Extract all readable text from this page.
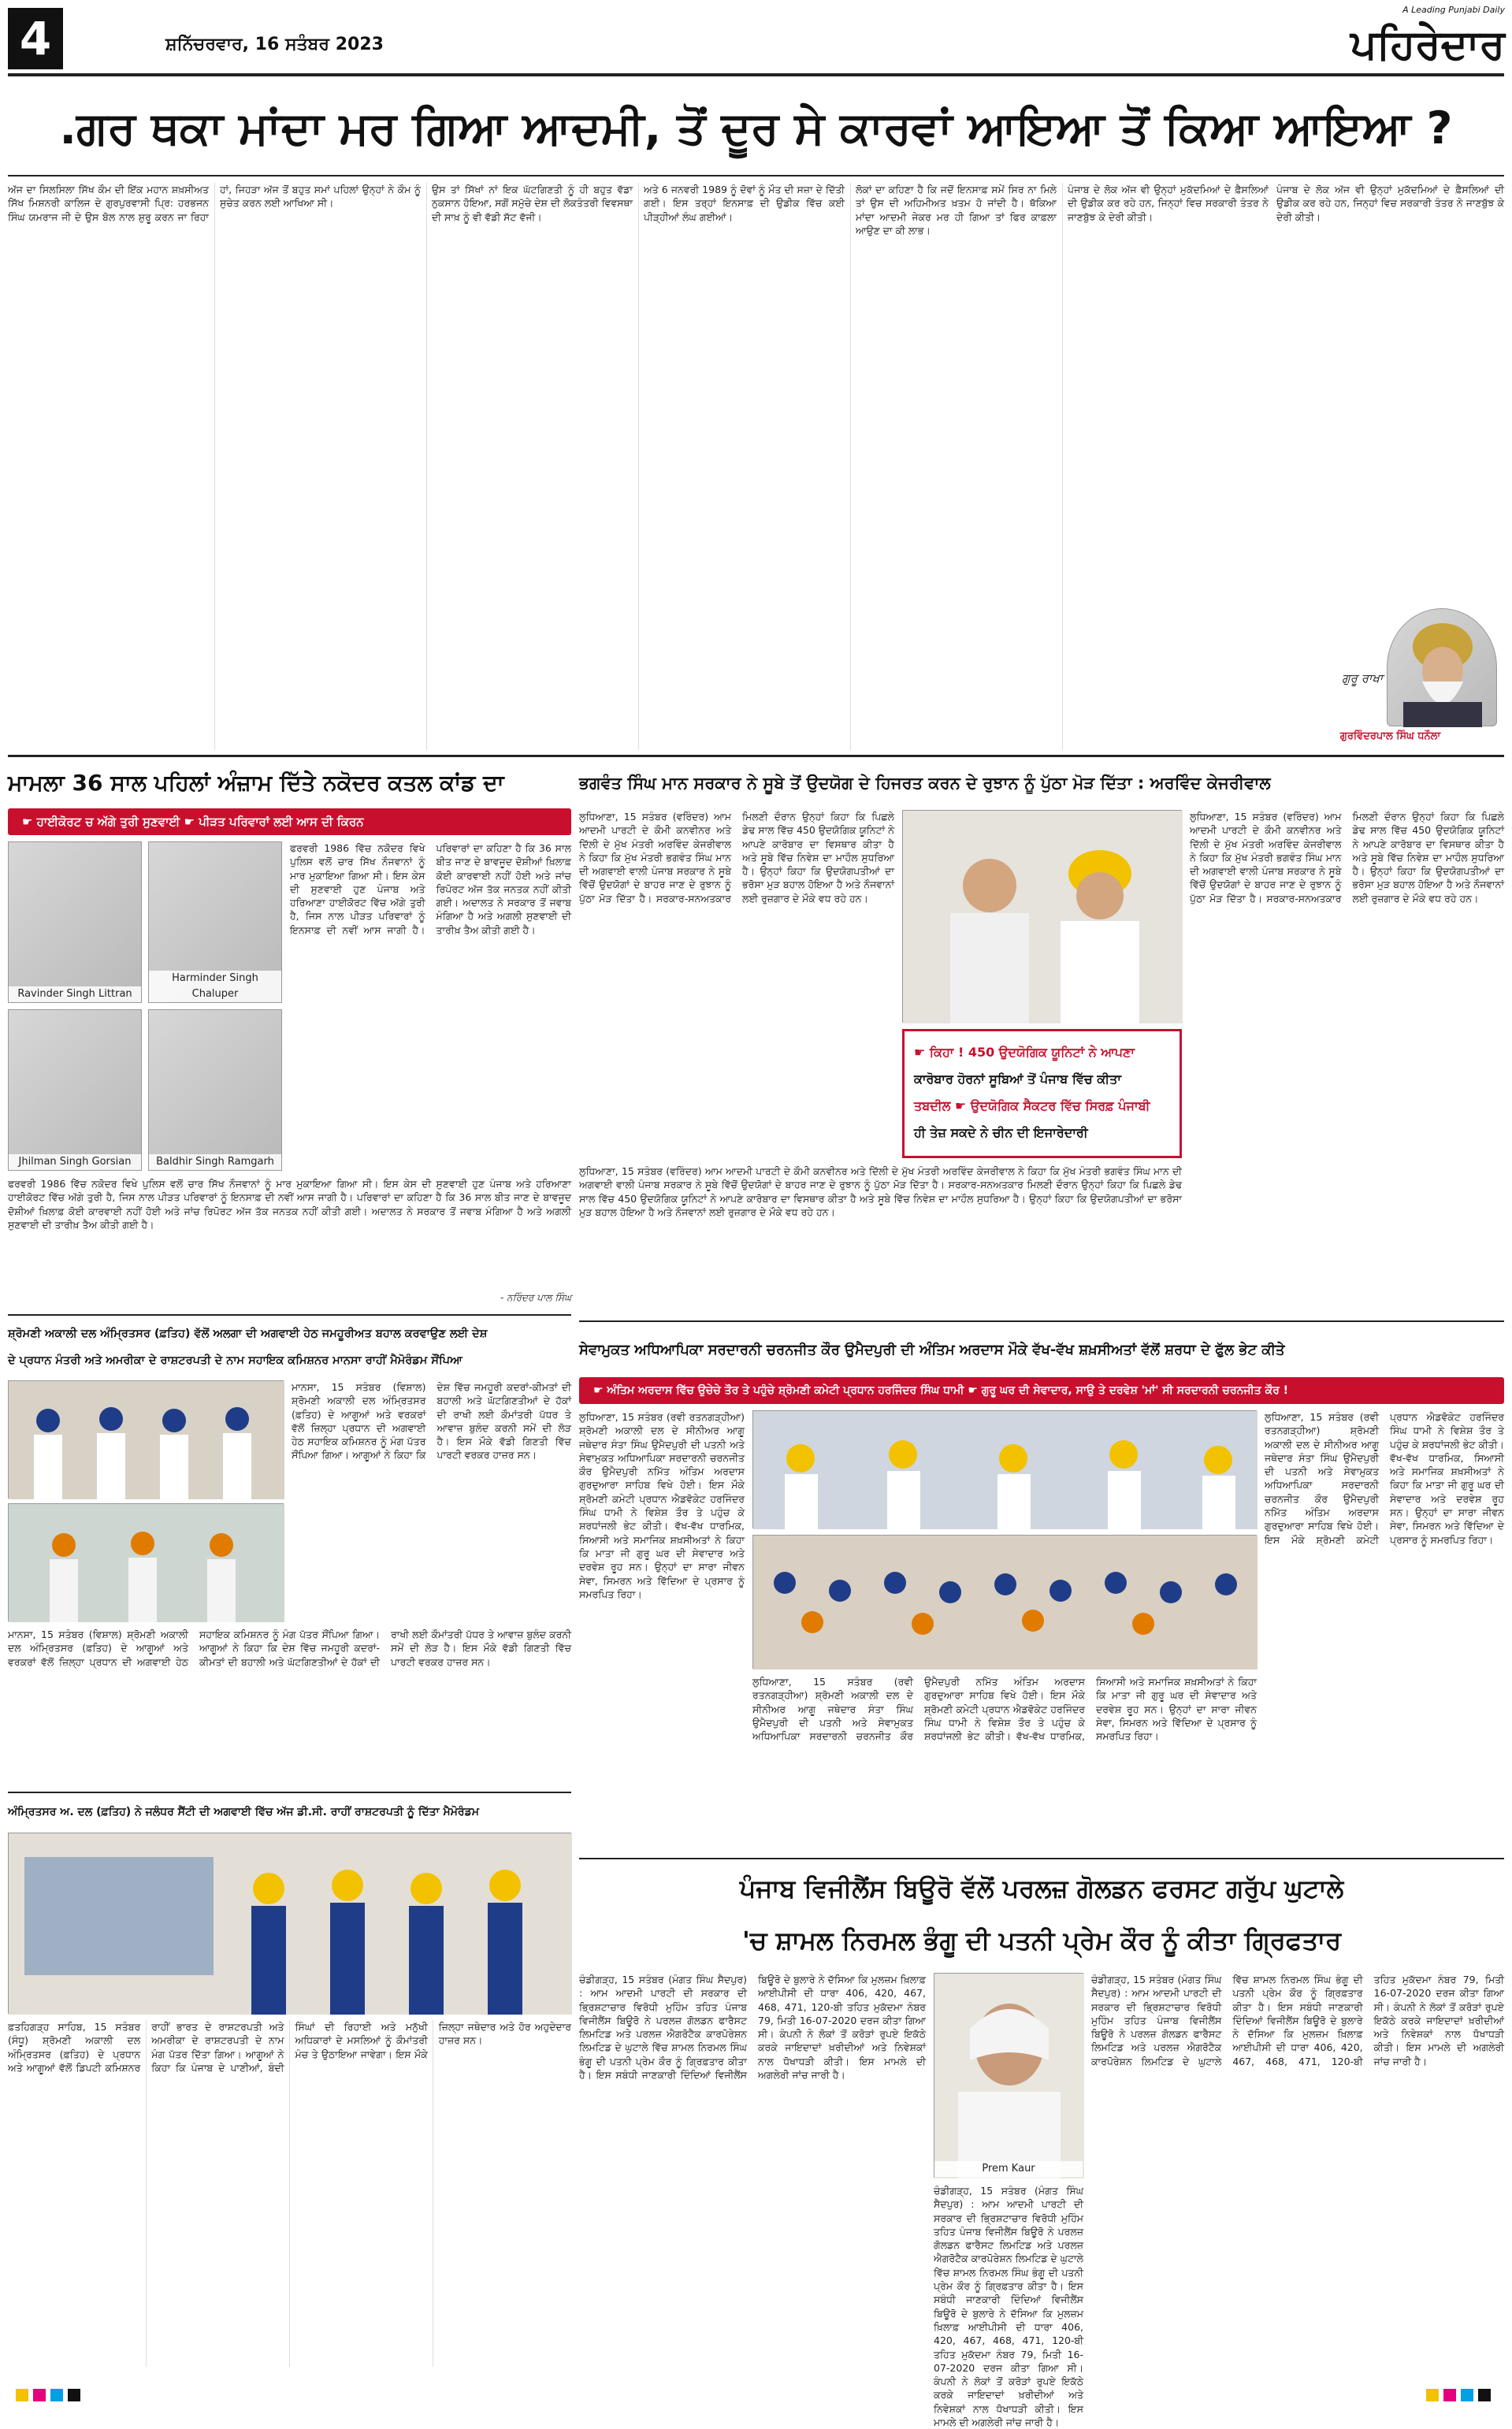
4	ਸ਼ਨਿੱਚਰਵਾਰ, 16 ਸਤੰਬਰ 2023
A Leading Punjabi Daily
ਪਹਿਰੇਦਾਰ
.ਗਰ ਥਕਾ ਮਾਂਦਾ ਮਰ ਗਿਆ ਆਦਮੀ, ਤੋਂ ਦੂਰ ਸੇ ਕਾਰਵਾਂ ਆਇਆ ਤੋਂ ਕਿਆ ਆਇਆ ?

ਅੱਜ ਦਾ ਸਿਲਸਿਲਾ ਸਿੱਖ ਕੌਮ ਦੀ ਇੱਕ ਮਹਾਨ ਸ਼ਖ਼ਸੀਅਤ ਸਿੱਖ ਮਿਸ਼ਨਰੀ ਕਾਲਿਜ ਦੇ ਗੁਰਪੁਰਵਾਸੀ ਪ੍ਰਿ: ਹਰਭਜਨ ਸਿੰਘ ਯਮਰਾਜ ਜੀ ਦੇ ਉਸ ਬੋਲ ਨਾਲ ਸ਼ੁਰੂ ਕਰਨ ਜਾ ਰਿਹਾ ਹਾਂ, ਜਿਹੜਾ ਅੱਜ ਤੋਂ ਬਹੁਤ ਸਮਾਂ ਪਹਿਲਾਂ ਉਨ੍ਹਾਂ ਨੇ ਕੌਮ ਨੂੰ ਸੁਚੇਤ ਕਰਨ ਲਈ ਆਖਿਆ ਸੀ।

ਉਸ ਤਾਂ ਸਿੱਖਾਂ ਨਾਂ ਇਕ ਘੱਟਗਿਣਤੀ ਨੂੰ ਹੀ ਬਹੁਤ ਵੱਡਾ ਨੁਕਸਾਨ ਹੋਇਆ, ਸਗੋਂ ਸਮੁੱਚੇ ਦੇਸ਼ ਦੀ ਲੋਕਤੰਤਰੀ ਵਿਵਸਥਾ ਦੀ ਸਾਖ਼ ਨੂੰ ਵੀ ਵੱਡੀ ਸੱਟ ਵੱਜੀ।

ਅਤੇ 6 ਜਨਵਰੀ 1989 ਨੂੰ ਦੋਵਾਂ ਨੂੰ ਮੌਤ ਦੀ ਸਜ਼ਾ ਦੇ ਦਿੱਤੀ ਗਈ। ਇਸ ਤਰ੍ਹਾਂ ਇਨਸਾਫ਼ ਦੀ ਉਡੀਕ ਵਿੱਚ ਕਈ ਪੀੜ੍ਹੀਆਂ ਲੰਘ ਗਈਆਂ।

ਲੋਕਾਂ ਦਾ ਕਹਿਣਾ ਹੈ ਕਿ ਜਦੋਂ ਇਨਸਾਫ਼ ਸਮੇਂ ਸਿਰ ਨਾ ਮਿਲੇ ਤਾਂ ਉਸ ਦੀ ਅਹਿਮੀਅਤ ਖ਼ਤਮ ਹੋ ਜਾਂਦੀ ਹੈ। ਥੱਕਿਆ ਮਾਂਦਾ ਆਦਮੀ ਜੇਕਰ ਮਰ ਹੀ ਗਿਆ ਤਾਂ ਫਿਰ ਕਾਫ਼ਲਾ ਆਉਣ ਦਾ ਕੀ ਲਾਭ।

ਪੰਜਾਬ ਦੇ ਲੋਕ ਅੱਜ ਵੀ ਉਨ੍ਹਾਂ ਮੁਕੱਦਮਿਆਂ ਦੇ ਫ਼ੈਸਲਿਆਂ ਦੀ ਉਡੀਕ ਕਰ ਰਹੇ ਹਨ, ਜਿਨ੍ਹਾਂ ਵਿਚ ਸਰਕਾਰੀ ਤੰਤਰ ਨੇ ਜਾਣਬੁੱਝ ਕੇ ਦੇਰੀ ਕੀਤੀ।

ਪੰਜਾਬ ਦੇ ਲੋਕ ਅੱਜ ਵੀ ਉਨ੍ਹਾਂ ਮੁਕੱਦਮਿਆਂ ਦੇ ਫ਼ੈਸਲਿਆਂ ਦੀ ਉਡੀਕ ਕਰ ਰਹੇ ਹਨ, ਜਿਨ੍ਹਾਂ ਵਿਚ ਸਰਕਾਰੀ ਤੰਤਰ ਨੇ ਜਾਣਬੁੱਝ ਕੇ ਦੇਰੀ ਕੀਤੀ।
ਗੁਰੂ ਰਾਖਾ
ਗੁਰਵਿੰਦਰਪਾਲ ਸਿੰਘ ਧਨੌਲਾ
ਮਾਮਲਾ 36 ਸਾਲ ਪਹਿਲਾਂ ਅੰਜ਼ਾਮ ਦਿੱਤੇ ਨਕੋਦਰ ਕਤਲ ਕਾਂਡ ਦਾ
☛ ਹਾਈਕੋਰਟ ਚ ਅੱਗੇ ਤੁਰੀ ਸੁਣਵਾਈ ☛ ਪੀੜਤ ਪਰਿਵਾਰਾਂ ਲਈ ਆਸ ਦੀ ਕਿਰਨ
Ravinder Singh Littran
Harminder Singh Chaluper
Jhilman Singh Gorsian	Baldhir Singh Ramgarh
ਫਰਵਰੀ 1986 ਵਿੱਚ ਨਕੋਦਰ ਵਿਖੇ ਪੁਲਿਸ ਵਲੋਂ ਚਾਰ ਸਿੱਖ ਨੌਜਵਾਨਾਂ ਨੂੰ ਮਾਰ ਮੁਕਾਇਆ ਗਿਆ ਸੀ। ਇਸ ਕੇਸ ਦੀ ਸੁਣਵਾਈ ਹੁਣ ਪੰਜਾਬ ਅਤੇ ਹਰਿਆਣਾ ਹਾਈਕੋਰਟ ਵਿੱਚ ਅੱਗੇ ਤੁਰੀ ਹੈ, ਜਿਸ ਨਾਲ ਪੀੜਤ ਪਰਿਵਾਰਾਂ ਨੂੰ ਇਨਸਾਫ਼ ਦੀ ਨਵੀਂ ਆਸ ਜਾਗੀ ਹੈ। ਪਰਿਵਾਰਾਂ ਦਾ ਕਹਿਣਾ ਹੈ ਕਿ 36 ਸਾਲ ਬੀਤ ਜਾਣ ਦੇ ਬਾਵਜੂਦ ਦੋਸ਼ੀਆਂ ਖ਼ਿਲਾਫ਼ ਕੋਈ ਕਾਰਵਾਈ ਨਹੀਂ ਹੋਈ ਅਤੇ ਜਾਂਚ ਰਿਪੋਰਟ ਅੱਜ ਤੱਕ ਜਨਤਕ ਨਹੀਂ ਕੀਤੀ ਗਈ। ਅਦਾਲਤ ਨੇ ਸਰਕਾਰ ਤੋਂ ਜਵਾਬ ਮੰਗਿਆ ਹੈ ਅਤੇ ਅਗਲੀ ਸੁਣਵਾਈ ਦੀ ਤਾਰੀਖ਼ ਤੈਅ ਕੀਤੀ ਗਈ ਹੈ।
ਫਰਵਰੀ 1986 ਵਿੱਚ ਨਕੋਦਰ ਵਿਖੇ ਪੁਲਿਸ ਵਲੋਂ ਚਾਰ ਸਿੱਖ ਨੌਜਵਾਨਾਂ ਨੂੰ ਮਾਰ ਮੁਕਾਇਆ ਗਿਆ ਸੀ। ਇਸ ਕੇਸ ਦੀ ਸੁਣਵਾਈ ਹੁਣ ਪੰਜਾਬ ਅਤੇ ਹਰਿਆਣਾ ਹਾਈਕੋਰਟ ਵਿੱਚ ਅੱਗੇ ਤੁਰੀ ਹੈ, ਜਿਸ ਨਾਲ ਪੀੜਤ ਪਰਿਵਾਰਾਂ ਨੂੰ ਇਨਸਾਫ਼ ਦੀ ਨਵੀਂ ਆਸ ਜਾਗੀ ਹੈ। ਪਰਿਵਾਰਾਂ ਦਾ ਕਹਿਣਾ ਹੈ ਕਿ 36 ਸਾਲ ਬੀਤ ਜਾਣ ਦੇ ਬਾਵਜੂਦ ਦੋਸ਼ੀਆਂ ਖ਼ਿਲਾਫ਼ ਕੋਈ ਕਾਰਵਾਈ ਨਹੀਂ ਹੋਈ ਅਤੇ ਜਾਂਚ ਰਿਪੋਰਟ ਅੱਜ ਤੱਕ ਜਨਤਕ ਨਹੀਂ ਕੀਤੀ ਗਈ। ਅਦਾਲਤ ਨੇ ਸਰਕਾਰ ਤੋਂ ਜਵਾਬ ਮੰਗਿਆ ਹੈ ਅਤੇ ਅਗਲੀ ਸੁਣਵਾਈ ਦੀ ਤਾਰੀਖ਼ ਤੈਅ ਕੀਤੀ ਗਈ ਹੈ।
- ਨਰਿੰਦਰ ਪਾਲ ਸਿੰਘ
ਭਗਵੰਤ ਸਿੰਘ ਮਾਨ ਸਰਕਾਰ ਨੇ ਸੂਬੇ ਤੋਂ ਉਦਯੋਗ ਦੇ ਹਿਜਰਤ ਕਰਨ ਦੇ ਰੁਝਾਨ ਨੂੰ ਪੁੱਠਾ ਮੋੜ ਦਿੱਤਾ : ਅਰਵਿੰਦ ਕੇਜਰੀਵਾਲ
ਲੁਧਿਆਣਾ, 15 ਸਤੰਬਰ (ਵਰਿੰਦਰ) ਆਮ ਆਦਮੀ ਪਾਰਟੀ ਦੇ ਕੌਮੀ ਕਨਵੀਨਰ ਅਤੇ ਦਿੱਲੀ ਦੇ ਮੁੱਖ ਮੰਤਰੀ ਅਰਵਿੰਦ ਕੇਜਰੀਵਾਲ ਨੇ ਕਿਹਾ ਕਿ ਮੁੱਖ ਮੰਤਰੀ ਭਗਵੰਤ ਸਿੰਘ ਮਾਨ ਦੀ ਅਗਵਾਈ ਵਾਲੀ ਪੰਜਾਬ ਸਰਕਾਰ ਨੇ ਸੂਬੇ ਵਿੱਚੋਂ ਉਦਯੋਗਾਂ ਦੇ ਬਾਹਰ ਜਾਣ ਦੇ ਰੁਝਾਨ ਨੂੰ ਪੁੱਠਾ ਮੋੜ ਦਿੱਤਾ ਹੈ। ਸਰਕਾਰ-ਸਨਅਤਕਾਰ ਮਿਲਣੀ ਦੌਰਾਨ ਉਨ੍ਹਾਂ ਕਿਹਾ ਕਿ ਪਿਛਲੇ ਡੇਢ ਸਾਲ ਵਿੱਚ 450 ਉਦਯੋਗਿਕ ਯੂਨਿਟਾਂ ਨੇ ਆਪਣੇ ਕਾਰੋਬਾਰ ਦਾ ਵਿਸਥਾਰ ਕੀਤਾ ਹੈ ਅਤੇ ਸੂਬੇ ਵਿੱਚ ਨਿਵੇਸ਼ ਦਾ ਮਾਹੌਲ ਸੁਧਰਿਆ ਹੈ। ਉਨ੍ਹਾਂ ਕਿਹਾ ਕਿ ਉਦਯੋਗਪਤੀਆਂ ਦਾ ਭਰੋਸਾ ਮੁੜ ਬਹਾਲ ਹੋਇਆ ਹੈ ਅਤੇ ਨੌਜਵਾਨਾਂ ਲਈ ਰੁਜ਼ਗਾਰ ਦੇ ਮੌਕੇ ਵਧ ਰਹੇ ਹਨ।
ਲੁਧਿਆਣਾ, 15 ਸਤੰਬਰ (ਵਰਿੰਦਰ) ਆਮ ਆਦਮੀ ਪਾਰਟੀ ਦੇ ਕੌਮੀ ਕਨਵੀਨਰ ਅਤੇ ਦਿੱਲੀ ਦੇ ਮੁੱਖ ਮੰਤਰੀ ਅਰਵਿੰਦ ਕੇਜਰੀਵਾਲ ਨੇ ਕਿਹਾ ਕਿ ਮੁੱਖ ਮੰਤਰੀ ਭਗਵੰਤ ਸਿੰਘ ਮਾਨ ਦੀ ਅਗਵਾਈ ਵਾਲੀ ਪੰਜਾਬ ਸਰਕਾਰ ਨੇ ਸੂਬੇ ਵਿੱਚੋਂ ਉਦਯੋਗਾਂ ਦੇ ਬਾਹਰ ਜਾਣ ਦੇ ਰੁਝਾਨ ਨੂੰ ਪੁੱਠਾ ਮੋੜ ਦਿੱਤਾ ਹੈ। ਸਰਕਾਰ-ਸਨਅਤਕਾਰ ਮਿਲਣੀ ਦੌਰਾਨ ਉਨ੍ਹਾਂ ਕਿਹਾ ਕਿ ਪਿਛਲੇ ਡੇਢ ਸਾਲ ਵਿੱਚ 450 ਉਦਯੋਗਿਕ ਯੂਨਿਟਾਂ ਨੇ ਆਪਣੇ ਕਾਰੋਬਾਰ ਦਾ ਵਿਸਥਾਰ ਕੀਤਾ ਹੈ ਅਤੇ ਸੂਬੇ ਵਿੱਚ ਨਿਵੇਸ਼ ਦਾ ਮਾਹੌਲ ਸੁਧਰਿਆ ਹੈ। ਉਨ੍ਹਾਂ ਕਿਹਾ ਕਿ ਉਦਯੋਗਪਤੀਆਂ ਦਾ ਭਰੋਸਾ ਮੁੜ ਬਹਾਲ ਹੋਇਆ ਹੈ ਅਤੇ ਨੌਜਵਾਨਾਂ ਲਈ ਰੁਜ਼ਗਾਰ ਦੇ ਮੌਕੇ ਵਧ ਰਹੇ ਹਨ।
ਲੁਧਿਆਣਾ, 15 ਸਤੰਬਰ (ਵਰਿੰਦਰ) ਆਮ ਆਦਮੀ ਪਾਰਟੀ ਦੇ ਕੌਮੀ ਕਨਵੀਨਰ ਅਤੇ ਦਿੱਲੀ ਦੇ ਮੁੱਖ ਮੰਤਰੀ ਅਰਵਿੰਦ ਕੇਜਰੀਵਾਲ ਨੇ ਕਿਹਾ ਕਿ ਮੁੱਖ ਮੰਤਰੀ ਭਗਵੰਤ ਸਿੰਘ ਮਾਨ ਦੀ ਅਗਵਾਈ ਵਾਲੀ ਪੰਜਾਬ ਸਰਕਾਰ ਨੇ ਸੂਬੇ ਵਿੱਚੋਂ ਉਦਯੋਗਾਂ ਦੇ ਬਾਹਰ ਜਾਣ ਦੇ ਰੁਝਾਨ ਨੂੰ ਪੁੱਠਾ ਮੋੜ ਦਿੱਤਾ ਹੈ। ਸਰਕਾਰ-ਸਨਅਤਕਾਰ ਮਿਲਣੀ ਦੌਰਾਨ ਉਨ੍ਹਾਂ ਕਿਹਾ ਕਿ ਪਿਛਲੇ ਡੇਢ ਸਾਲ ਵਿੱਚ 450 ਉਦਯੋਗਿਕ ਯੂਨਿਟਾਂ ਨੇ ਆਪਣੇ ਕਾਰੋਬਾਰ ਦਾ ਵਿਸਥਾਰ ਕੀਤਾ ਹੈ ਅਤੇ ਸੂਬੇ ਵਿੱਚ ਨਿਵੇਸ਼ ਦਾ ਮਾਹੌਲ ਸੁਧਰਿਆ ਹੈ। ਉਨ੍ਹਾਂ ਕਿਹਾ ਕਿ ਉਦਯੋਗਪਤੀਆਂ ਦਾ ਭਰੋਸਾ ਮੁੜ ਬਹਾਲ ਹੋਇਆ ਹੈ ਅਤੇ ਨੌਜਵਾਨਾਂ ਲਈ ਰੁਜ਼ਗਾਰ ਦੇ ਮੌਕੇ ਵਧ ਰਹੇ ਹਨ।
☛ ਕਿਹਾ ! 450 ਉਦਯੋਗਿਕ ਯੂਨਿਟਾਂ ਨੇ ਆਪਣਾ
ਕਾਰੋਬਾਰ ਹੋਰਨਾਂ ਸੂਬਿਆਂ ਤੋਂ ਪੰਜਾਬ ਵਿੱਚ ਕੀਤਾ
ਤਬਦੀਲ ☛ ਉਦਯੋਗਿਕ ਸੈਕਟਰ ਵਿੱਚ ਸਿਰਫ਼ ਪੰਜਾਬੀ
ਹੀ ਤੇਜ਼ ਸਕਦੇ ਨੇ ਚੀਨ ਦੀ ਇਜਾਰੇਦਾਰੀ
ਸੇਵਾਮੁਕਤ ਅਧਿਆਪਿਕਾ ਸਰਦਾਰਨੀ ਚਰਨਜੀਤ ਕੌਰ ਉਮੈਦਪੁਰੀ ਦੀ ਅੰਤਿਮ ਅਰਦਾਸ ਮੌਕੇ ਵੱਖ-ਵੱਖ ਸ਼ਖ਼ਸੀਅਤਾਂ ਵੱਲੋਂ ਸ਼ਰਧਾ ਦੇ ਫੁੱਲ ਭੇਟ ਕੀਤੇ
☛ ਅੰਤਿਮ ਅਰਦਾਸ ਵਿੱਚ ਉਚੇਚੇ ਤੌਰ ਤੇ ਪਹੁੰਚੇ ਸ਼੍ਰੋਮਣੀ ਕਮੇਟੀ ਪ੍ਰਧਾਨ ਹਰਜਿੰਦਰ ਸਿੰਘ ਧਾਮੀ ☛ ਗੁਰੂ ਘਰ ਦੀ ਸੇਵਾਦਾਰ, ਸਾਉ ਤੇ ਦਰਵੇਸ਼ 'ਮਾਂ' ਸੀ ਸਰਦਾਰਨੀ ਚਰਨਜੀਤ ਕੌਰ !
ਲੁਧਿਆਣਾ, 15 ਸਤੰਬਰ (ਰਵੀ ਰਤਨਗੜ੍ਹੀਆ) ਸ਼੍ਰੋਮਣੀ ਅਕਾਲੀ ਦਲ ਦੇ ਸੀਨੀਅਰ ਆਗੂ ਜਥੇਦਾਰ ਸੰਤਾ ਸਿੰਘ ਉਮੈਦਪੁਰੀ ਦੀ ਪਤਨੀ ਅਤੇ ਸੇਵਾਮੁਕਤ ਅਧਿਆਪਿਕਾ ਸਰਦਾਰਨੀ ਚਰਨਜੀਤ ਕੌਰ ਉਮੈਦਪੁਰੀ ਨਮਿੱਤ ਅੰਤਿਮ ਅਰਦਾਸ ਗੁਰਦੁਆਰਾ ਸਾਹਿਬ ਵਿਖੇ ਹੋਈ। ਇਸ ਮੌਕੇ ਸ਼੍ਰੋਮਣੀ ਕਮੇਟੀ ਪ੍ਰਧਾਨ ਐਡਵੋਕੇਟ ਹਰਜਿੰਦਰ ਸਿੰਘ ਧਾਮੀ ਨੇ ਵਿਸ਼ੇਸ਼ ਤੌਰ ਤੇ ਪਹੁੰਚ ਕੇ ਸ਼ਰਧਾਂਜਲੀ ਭੇਟ ਕੀਤੀ। ਵੱਖ-ਵੱਖ ਧਾਰਮਿਕ, ਸਿਆਸੀ ਅਤੇ ਸਮਾਜਿਕ ਸ਼ਖ਼ਸੀਅਤਾਂ ਨੇ ਕਿਹਾ ਕਿ ਮਾਤਾ ਜੀ ਗੁਰੂ ਘਰ ਦੀ ਸੇਵਾਦਾਰ ਅਤੇ ਦਰਵੇਸ਼ ਰੂਹ ਸਨ। ਉਨ੍ਹਾਂ ਦਾ ਸਾਰਾ ਜੀਵਨ ਸੇਵਾ, ਸਿਮਰਨ ਅਤੇ ਵਿੱਦਿਆ ਦੇ ਪ੍ਰਸਾਰ ਨੂੰ ਸਮਰਪਿਤ ਰਿਹਾ।
ਲੁਧਿਆਣਾ, 15 ਸਤੰਬਰ (ਰਵੀ ਰਤਨਗੜ੍ਹੀਆ) ਸ਼੍ਰੋਮਣੀ ਅਕਾਲੀ ਦਲ ਦੇ ਸੀਨੀਅਰ ਆਗੂ ਜਥੇਦਾਰ ਸੰਤਾ ਸਿੰਘ ਉਮੈਦਪੁਰੀ ਦੀ ਪਤਨੀ ਅਤੇ ਸੇਵਾਮੁਕਤ ਅਧਿਆਪਿਕਾ ਸਰਦਾਰਨੀ ਚਰਨਜੀਤ ਕੌਰ ਉਮੈਦਪੁਰੀ ਨਮਿੱਤ ਅੰਤਿਮ ਅਰਦਾਸ ਗੁਰਦੁਆਰਾ ਸਾਹਿਬ ਵਿਖੇ ਹੋਈ। ਇਸ ਮੌਕੇ ਸ਼੍ਰੋਮਣੀ ਕਮੇਟੀ ਪ੍ਰਧਾਨ ਐਡਵੋਕੇਟ ਹਰਜਿੰਦਰ ਸਿੰਘ ਧਾਮੀ ਨੇ ਵਿਸ਼ੇਸ਼ ਤੌਰ ਤੇ ਪਹੁੰਚ ਕੇ ਸ਼ਰਧਾਂਜਲੀ ਭੇਟ ਕੀਤੀ। ਵੱਖ-ਵੱਖ ਧਾਰਮਿਕ, ਸਿਆਸੀ ਅਤੇ ਸਮਾਜਿਕ ਸ਼ਖ਼ਸੀਅਤਾਂ ਨੇ ਕਿਹਾ ਕਿ ਮਾਤਾ ਜੀ ਗੁਰੂ ਘਰ ਦੀ ਸੇਵਾਦਾਰ ਅਤੇ ਦਰਵੇਸ਼ ਰੂਹ ਸਨ। ਉਨ੍ਹਾਂ ਦਾ ਸਾਰਾ ਜੀਵਨ ਸੇਵਾ, ਸਿਮਰਨ ਅਤੇ ਵਿੱਦਿਆ ਦੇ ਪ੍ਰਸਾਰ ਨੂੰ ਸਮਰਪਿਤ ਰਿਹਾ।
ਲੁਧਿਆਣਾ, 15 ਸਤੰਬਰ (ਰਵੀ ਰਤਨਗੜ੍ਹੀਆ) ਸ਼੍ਰੋਮਣੀ ਅਕਾਲੀ ਦਲ ਦੇ ਸੀਨੀਅਰ ਆਗੂ ਜਥੇਦਾਰ ਸੰਤਾ ਸਿੰਘ ਉਮੈਦਪੁਰੀ ਦੀ ਪਤਨੀ ਅਤੇ ਸੇਵਾਮੁਕਤ ਅਧਿਆਪਿਕਾ ਸਰਦਾਰਨੀ ਚਰਨਜੀਤ ਕੌਰ ਉਮੈਦਪੁਰੀ ਨਮਿੱਤ ਅੰਤਿਮ ਅਰਦਾਸ ਗੁਰਦੁਆਰਾ ਸਾਹਿਬ ਵਿਖੇ ਹੋਈ। ਇਸ ਮੌਕੇ ਸ਼੍ਰੋਮਣੀ ਕਮੇਟੀ ਪ੍ਰਧਾਨ ਐਡਵੋਕੇਟ ਹਰਜਿੰਦਰ ਸਿੰਘ ਧਾਮੀ ਨੇ ਵਿਸ਼ੇਸ਼ ਤੌਰ ਤੇ ਪਹੁੰਚ ਕੇ ਸ਼ਰਧਾਂਜਲੀ ਭੇਟ ਕੀਤੀ। ਵੱਖ-ਵੱਖ ਧਾਰਮਿਕ, ਸਿਆਸੀ ਅਤੇ ਸਮਾਜਿਕ ਸ਼ਖ਼ਸੀਅਤਾਂ ਨੇ ਕਿਹਾ ਕਿ ਮਾਤਾ ਜੀ ਗੁਰੂ ਘਰ ਦੀ ਸੇਵਾਦਾਰ ਅਤੇ ਦਰਵੇਸ਼ ਰੂਹ ਸਨ। ਉਨ੍ਹਾਂ ਦਾ ਸਾਰਾ ਜੀਵਨ ਸੇਵਾ, ਸਿਮਰਨ ਅਤੇ ਵਿੱਦਿਆ ਦੇ ਪ੍ਰਸਾਰ ਨੂੰ ਸਮਰਪਿਤ ਰਿਹਾ।
ਸ਼੍ਰੋਮਣੀ ਅਕਾਲੀ ਦਲ ਅੰਮ੍ਰਿਤਸਰ (ਫ਼ਤਿਹ) ਵੱਲੋਂ ਅਲਗਾ ਦੀ ਅਗਵਾਈ ਹੇਠ ਜਮਹੂਰੀਅਤ ਬਹਾਲ ਕਰਵਾਉਣ ਲਈ ਦੇਸ਼
ਦੇ ਪ੍ਰਧਾਨ ਮੰਤਰੀ ਅਤੇ ਅਮਰੀਕਾ ਦੇ ਰਾਸ਼ਟਰਪਤੀ ਦੇ ਨਾਮ ਸਹਾਇਕ ਕਮਿਸ਼ਨਰ ਮਾਨਸਾ ਰਾਹੀਂ ਮੈਮੋਰੰਡਮ ਸੌਂਪਿਆ
ਮਾਨਸਾ, 15 ਸਤੰਬਰ (ਵਿਸ਼ਾਲ) ਸ਼੍ਰੋਮਣੀ ਅਕਾਲੀ ਦਲ ਅੰਮ੍ਰਿਤਸਰ (ਫ਼ਤਿਹ) ਦੇ ਆਗੂਆਂ ਅਤੇ ਵਰਕਰਾਂ ਵੱਲੋਂ ਜ਼ਿਲ੍ਹਾ ਪ੍ਰਧਾਨ ਦੀ ਅਗਵਾਈ ਹੇਠ ਸਹਾਇਕ ਕਮਿਸ਼ਨਰ ਨੂੰ ਮੰਗ ਪੱਤਰ ਸੌਂਪਿਆ ਗਿਆ। ਆਗੂਆਂ ਨੇ ਕਿਹਾ ਕਿ ਦੇਸ਼ ਵਿੱਚ ਜਮਹੂਰੀ ਕਦਰਾਂ-ਕੀਮਤਾਂ ਦੀ ਬਹਾਲੀ ਅਤੇ ਘੱਟਗਿਣਤੀਆਂ ਦੇ ਹੱਕਾਂ ਦੀ ਰਾਖੀ ਲਈ ਕੌਮਾਂਤਰੀ ਪੱਧਰ ਤੇ ਆਵਾਜ਼ ਬੁਲੰਦ ਕਰਨੀ ਸਮੇਂ ਦੀ ਲੋੜ ਹੈ। ਇਸ ਮੌਕੇ ਵੱਡੀ ਗਿਣਤੀ ਵਿੱਚ ਪਾਰਟੀ ਵਰਕਰ ਹਾਜ਼ਰ ਸਨ।
ਮਾਨਸਾ, 15 ਸਤੰਬਰ (ਵਿਸ਼ਾਲ) ਸ਼੍ਰੋਮਣੀ ਅਕਾਲੀ ਦਲ ਅੰਮ੍ਰਿਤਸਰ (ਫ਼ਤਿਹ) ਦੇ ਆਗੂਆਂ ਅਤੇ ਵਰਕਰਾਂ ਵੱਲੋਂ ਜ਼ਿਲ੍ਹਾ ਪ੍ਰਧਾਨ ਦੀ ਅਗਵਾਈ ਹੇਠ ਸਹਾਇਕ ਕਮਿਸ਼ਨਰ ਨੂੰ ਮੰਗ ਪੱਤਰ ਸੌਂਪਿਆ ਗਿਆ। ਆਗੂਆਂ ਨੇ ਕਿਹਾ ਕਿ ਦੇਸ਼ ਵਿੱਚ ਜਮਹੂਰੀ ਕਦਰਾਂ-ਕੀਮਤਾਂ ਦੀ ਬਹਾਲੀ ਅਤੇ ਘੱਟਗਿਣਤੀਆਂ ਦੇ ਹੱਕਾਂ ਦੀ ਰਾਖੀ ਲਈ ਕੌਮਾਂਤਰੀ ਪੱਧਰ ਤੇ ਆਵਾਜ਼ ਬੁਲੰਦ ਕਰਨੀ ਸਮੇਂ ਦੀ ਲੋੜ ਹੈ। ਇਸ ਮੌਕੇ ਵੱਡੀ ਗਿਣਤੀ ਵਿੱਚ ਪਾਰਟੀ ਵਰਕਰ ਹਾਜ਼ਰ ਸਨ।
ਅੰਮ੍ਰਿਤਸਰ ਅ. ਦਲ (ਫ਼ਤਿਹ) ਨੇ ਜਲੰਧਰ ਸੈਂਟੀ ਦੀ ਅਗਵਾਈ ਵਿੱਚ ਅੱਜ ਡੀ.ਸੀ. ਰਾਹੀਂ ਰਾਸ਼ਟਰਪਤੀ ਨੂੰ ਦਿੱਤਾ ਮੈਮੋਰੰਡਮ
ਫ਼ਤਹਿਗੜ੍ਹ ਸਾਹਿਬ, 15 ਸਤੰਬਰ (ਸੰਧੂ) ਸ਼੍ਰੋਮਣੀ ਅਕਾਲੀ ਦਲ ਅੰਮ੍ਰਿਤਸਰ (ਫ਼ਤਿਹ) ਦੇ ਪ੍ਰਧਾਨ ਅਤੇ ਆਗੂਆਂ ਵੱਲੋਂ ਡਿਪਟੀ ਕਮਿਸ਼ਨਰ ਰਾਹੀਂ ਭਾਰਤ ਦੇ ਰਾਸ਼ਟਰਪਤੀ ਅਤੇ ਅਮਰੀਕਾ ਦੇ ਰਾਸ਼ਟਰਪਤੀ ਦੇ ਨਾਮ ਮੰਗ ਪੱਤਰ ਦਿੱਤਾ ਗਿਆ। ਆਗੂਆਂ ਨੇ ਕਿਹਾ ਕਿ ਪੰਜਾਬ ਦੇ ਪਾਣੀਆਂ, ਬੰਦੀ ਸਿੰਘਾਂ ਦੀ ਰਿਹਾਈ ਅਤੇ ਮਨੁੱਖੀ ਅਧਿਕਾਰਾਂ ਦੇ ਮਸਲਿਆਂ ਨੂੰ ਕੌਮਾਂਤਰੀ ਮੰਚ ਤੇ ਉਠਾਇਆ ਜਾਵੇਗਾ। ਇਸ ਮੌਕੇ ਜ਼ਿਲ੍ਹਾ ਜਥੇਦਾਰ ਅਤੇ ਹੋਰ ਅਹੁਦੇਦਾਰ ਹਾਜ਼ਰ ਸਨ।
ਪੰਜਾਬ ਵਿਜੀਲੈਂਸ ਬਿਊਰੋ ਵੱਲੋਂ ਪਰਲਜ਼ ਗੋਲਡਨ ਫਰਸਟ ਗਰੁੱਪ ਘੁਟਾਲੇ
'ਚ ਸ਼ਾਮਲ ਨਿਰਮਲ ਭੰਗੂ ਦੀ ਪਤਨੀ ਪ੍ਰੇਮ ਕੌਰ ਨੂੰ ਕੀਤਾ ਗ੍ਰਿਫਤਾਰ
ਚੰਡੀਗੜ੍ਹ, 15 ਸਤੰਬਰ (ਮੰਗਤ ਸਿੰਘ ਸੈਦਪੁਰ) : ਆਮ ਆਦਮੀ ਪਾਰਟੀ ਦੀ ਸਰਕਾਰ ਦੀ ਭ੍ਰਿਸ਼ਟਾਚਾਰ ਵਿਰੋਧੀ ਮੁਹਿੰਮ ਤਹਿਤ ਪੰਜਾਬ ਵਿਜੀਲੈਂਸ ਬਿਊਰੋ ਨੇ ਪਰਲਜ਼ ਗੋਲਡਨ ਫਾਰੈਸਟ ਲਿਮਟਿਡ ਅਤੇ ਪਰਲਜ਼ ਐਗਰੋਟੈਕ ਕਾਰਪੋਰੇਸ਼ਨ ਲਿਮਟਿਡ ਦੇ ਘੁਟਾਲੇ ਵਿੱਚ ਸ਼ਾਮਲ ਨਿਰਮਲ ਸਿੰਘ ਭੰਗੂ ਦੀ ਪਤਨੀ ਪ੍ਰੇਮ ਕੌਰ ਨੂੰ ਗ੍ਰਿਫ਼ਤਾਰ ਕੀਤਾ ਹੈ। ਇਸ ਸਬੰਧੀ ਜਾਣਕਾਰੀ ਦਿੰਦਿਆਂ ਵਿਜੀਲੈਂਸ ਬਿਊਰੋ ਦੇ ਬੁਲਾਰੇ ਨੇ ਦੱਸਿਆ ਕਿ ਮੁਲਜ਼ਮ ਖ਼ਿਲਾਫ਼ ਆਈਪੀਸੀ ਦੀ ਧਾਰਾ 406, 420, 467, 468, 471, 120-ਬੀ ਤਹਿਤ ਮੁਕੱਦਮਾ ਨੰਬਰ 79, ਮਿਤੀ 16-07-2020 ਦਰਜ ਕੀਤਾ ਗਿਆ ਸੀ। ਕੰਪਨੀ ਨੇ ਲੋਕਾਂ ਤੋਂ ਕਰੋੜਾਂ ਰੁਪਏ ਇਕੱਠੇ ਕਰਕੇ ਜਾਇਦਾਦਾਂ ਖ਼ਰੀਦੀਆਂ ਅਤੇ ਨਿਵੇਸ਼ਕਾਂ ਨਾਲ ਧੋਖਾਧੜੀ ਕੀਤੀ। ਇਸ ਮਾਮਲੇ ਦੀ ਅਗਲੇਰੀ ਜਾਂਚ ਜਾਰੀ ਹੈ।
Prem Kaur
ਚੰਡੀਗੜ੍ਹ, 15 ਸਤੰਬਰ (ਮੰਗਤ ਸਿੰਘ ਸੈਦਪੁਰ) : ਆਮ ਆਦਮੀ ਪਾਰਟੀ ਦੀ ਸਰਕਾਰ ਦੀ ਭ੍ਰਿਸ਼ਟਾਚਾਰ ਵਿਰੋਧੀ ਮੁਹਿੰਮ ਤਹਿਤ ਪੰਜਾਬ ਵਿਜੀਲੈਂਸ ਬਿਊਰੋ ਨੇ ਪਰਲਜ਼ ਗੋਲਡਨ ਫਾਰੈਸਟ ਲਿਮਟਿਡ ਅਤੇ ਪਰਲਜ਼ ਐਗਰੋਟੈਕ ਕਾਰਪੋਰੇਸ਼ਨ ਲਿਮਟਿਡ ਦੇ ਘੁਟਾਲੇ ਵਿੱਚ ਸ਼ਾਮਲ ਨਿਰਮਲ ਸਿੰਘ ਭੰਗੂ ਦੀ ਪਤਨੀ ਪ੍ਰੇਮ ਕੌਰ ਨੂੰ ਗ੍ਰਿਫ਼ਤਾਰ ਕੀਤਾ ਹੈ। ਇਸ ਸਬੰਧੀ ਜਾਣਕਾਰੀ ਦਿੰਦਿਆਂ ਵਿਜੀਲੈਂਸ ਬਿਊਰੋ ਦੇ ਬੁਲਾਰੇ ਨੇ ਦੱਸਿਆ ਕਿ ਮੁਲਜ਼ਮ ਖ਼ਿਲਾਫ਼ ਆਈਪੀਸੀ ਦੀ ਧਾਰਾ 406, 420, 467, 468, 471, 120-ਬੀ ਤਹਿਤ ਮੁਕੱਦਮਾ ਨੰਬਰ 79, ਮਿਤੀ 16-07-2020 ਦਰਜ ਕੀਤਾ ਗਿਆ ਸੀ। ਕੰਪਨੀ ਨੇ ਲੋਕਾਂ ਤੋਂ ਕਰੋੜਾਂ ਰੁਪਏ ਇਕੱਠੇ ਕਰਕੇ ਜਾਇਦਾਦਾਂ ਖ਼ਰੀਦੀਆਂ ਅਤੇ ਨਿਵੇਸ਼ਕਾਂ ਨਾਲ ਧੋਖਾਧੜੀ ਕੀਤੀ। ਇਸ ਮਾਮਲੇ ਦੀ ਅਗਲੇਰੀ ਜਾਂਚ ਜਾਰੀ ਹੈ।
ਚੰਡੀਗੜ੍ਹ, 15 ਸਤੰਬਰ (ਮੰਗਤ ਸਿੰਘ ਸੈਦਪੁਰ) : ਆਮ ਆਦਮੀ ਪਾਰਟੀ ਦੀ ਸਰਕਾਰ ਦੀ ਭ੍ਰਿਸ਼ਟਾਚਾਰ ਵਿਰੋਧੀ ਮੁਹਿੰਮ ਤਹਿਤ ਪੰਜਾਬ ਵਿਜੀਲੈਂਸ ਬਿਊਰੋ ਨੇ ਪਰਲਜ਼ ਗੋਲਡਨ ਫਾਰੈਸਟ ਲਿਮਟਿਡ ਅਤੇ ਪਰਲਜ਼ ਐਗਰੋਟੈਕ ਕਾਰਪੋਰੇਸ਼ਨ ਲਿਮਟਿਡ ਦੇ ਘੁਟਾਲੇ ਵਿੱਚ ਸ਼ਾਮਲ ਨਿਰਮਲ ਸਿੰਘ ਭੰਗੂ ਦੀ ਪਤਨੀ ਪ੍ਰੇਮ ਕੌਰ ਨੂੰ ਗ੍ਰਿਫ਼ਤਾਰ ਕੀਤਾ ਹੈ। ਇਸ ਸਬੰਧੀ ਜਾਣਕਾਰੀ ਦਿੰਦਿਆਂ ਵਿਜੀਲੈਂਸ ਬਿਊਰੋ ਦੇ ਬੁਲਾਰੇ ਨੇ ਦੱਸਿਆ ਕਿ ਮੁਲਜ਼ਮ ਖ਼ਿਲਾਫ਼ ਆਈਪੀਸੀ ਦੀ ਧਾਰਾ 406, 420, 467, 468, 471, 120-ਬੀ ਤਹਿਤ ਮੁਕੱਦਮਾ ਨੰਬਰ 79, ਮਿਤੀ 16-07-2020 ਦਰਜ ਕੀਤਾ ਗਿਆ ਸੀ। ਕੰਪਨੀ ਨੇ ਲੋਕਾਂ ਤੋਂ ਕਰੋੜਾਂ ਰੁਪਏ ਇਕੱਠੇ ਕਰਕੇ ਜਾਇਦਾਦਾਂ ਖ਼ਰੀਦੀਆਂ ਅਤੇ ਨਿਵੇਸ਼ਕਾਂ ਨਾਲ ਧੋਖਾਧੜੀ ਕੀਤੀ। ਇਸ ਮਾਮਲੇ ਦੀ ਅਗਲੇਰੀ ਜਾਂਚ ਜਾਰੀ ਹੈ।
